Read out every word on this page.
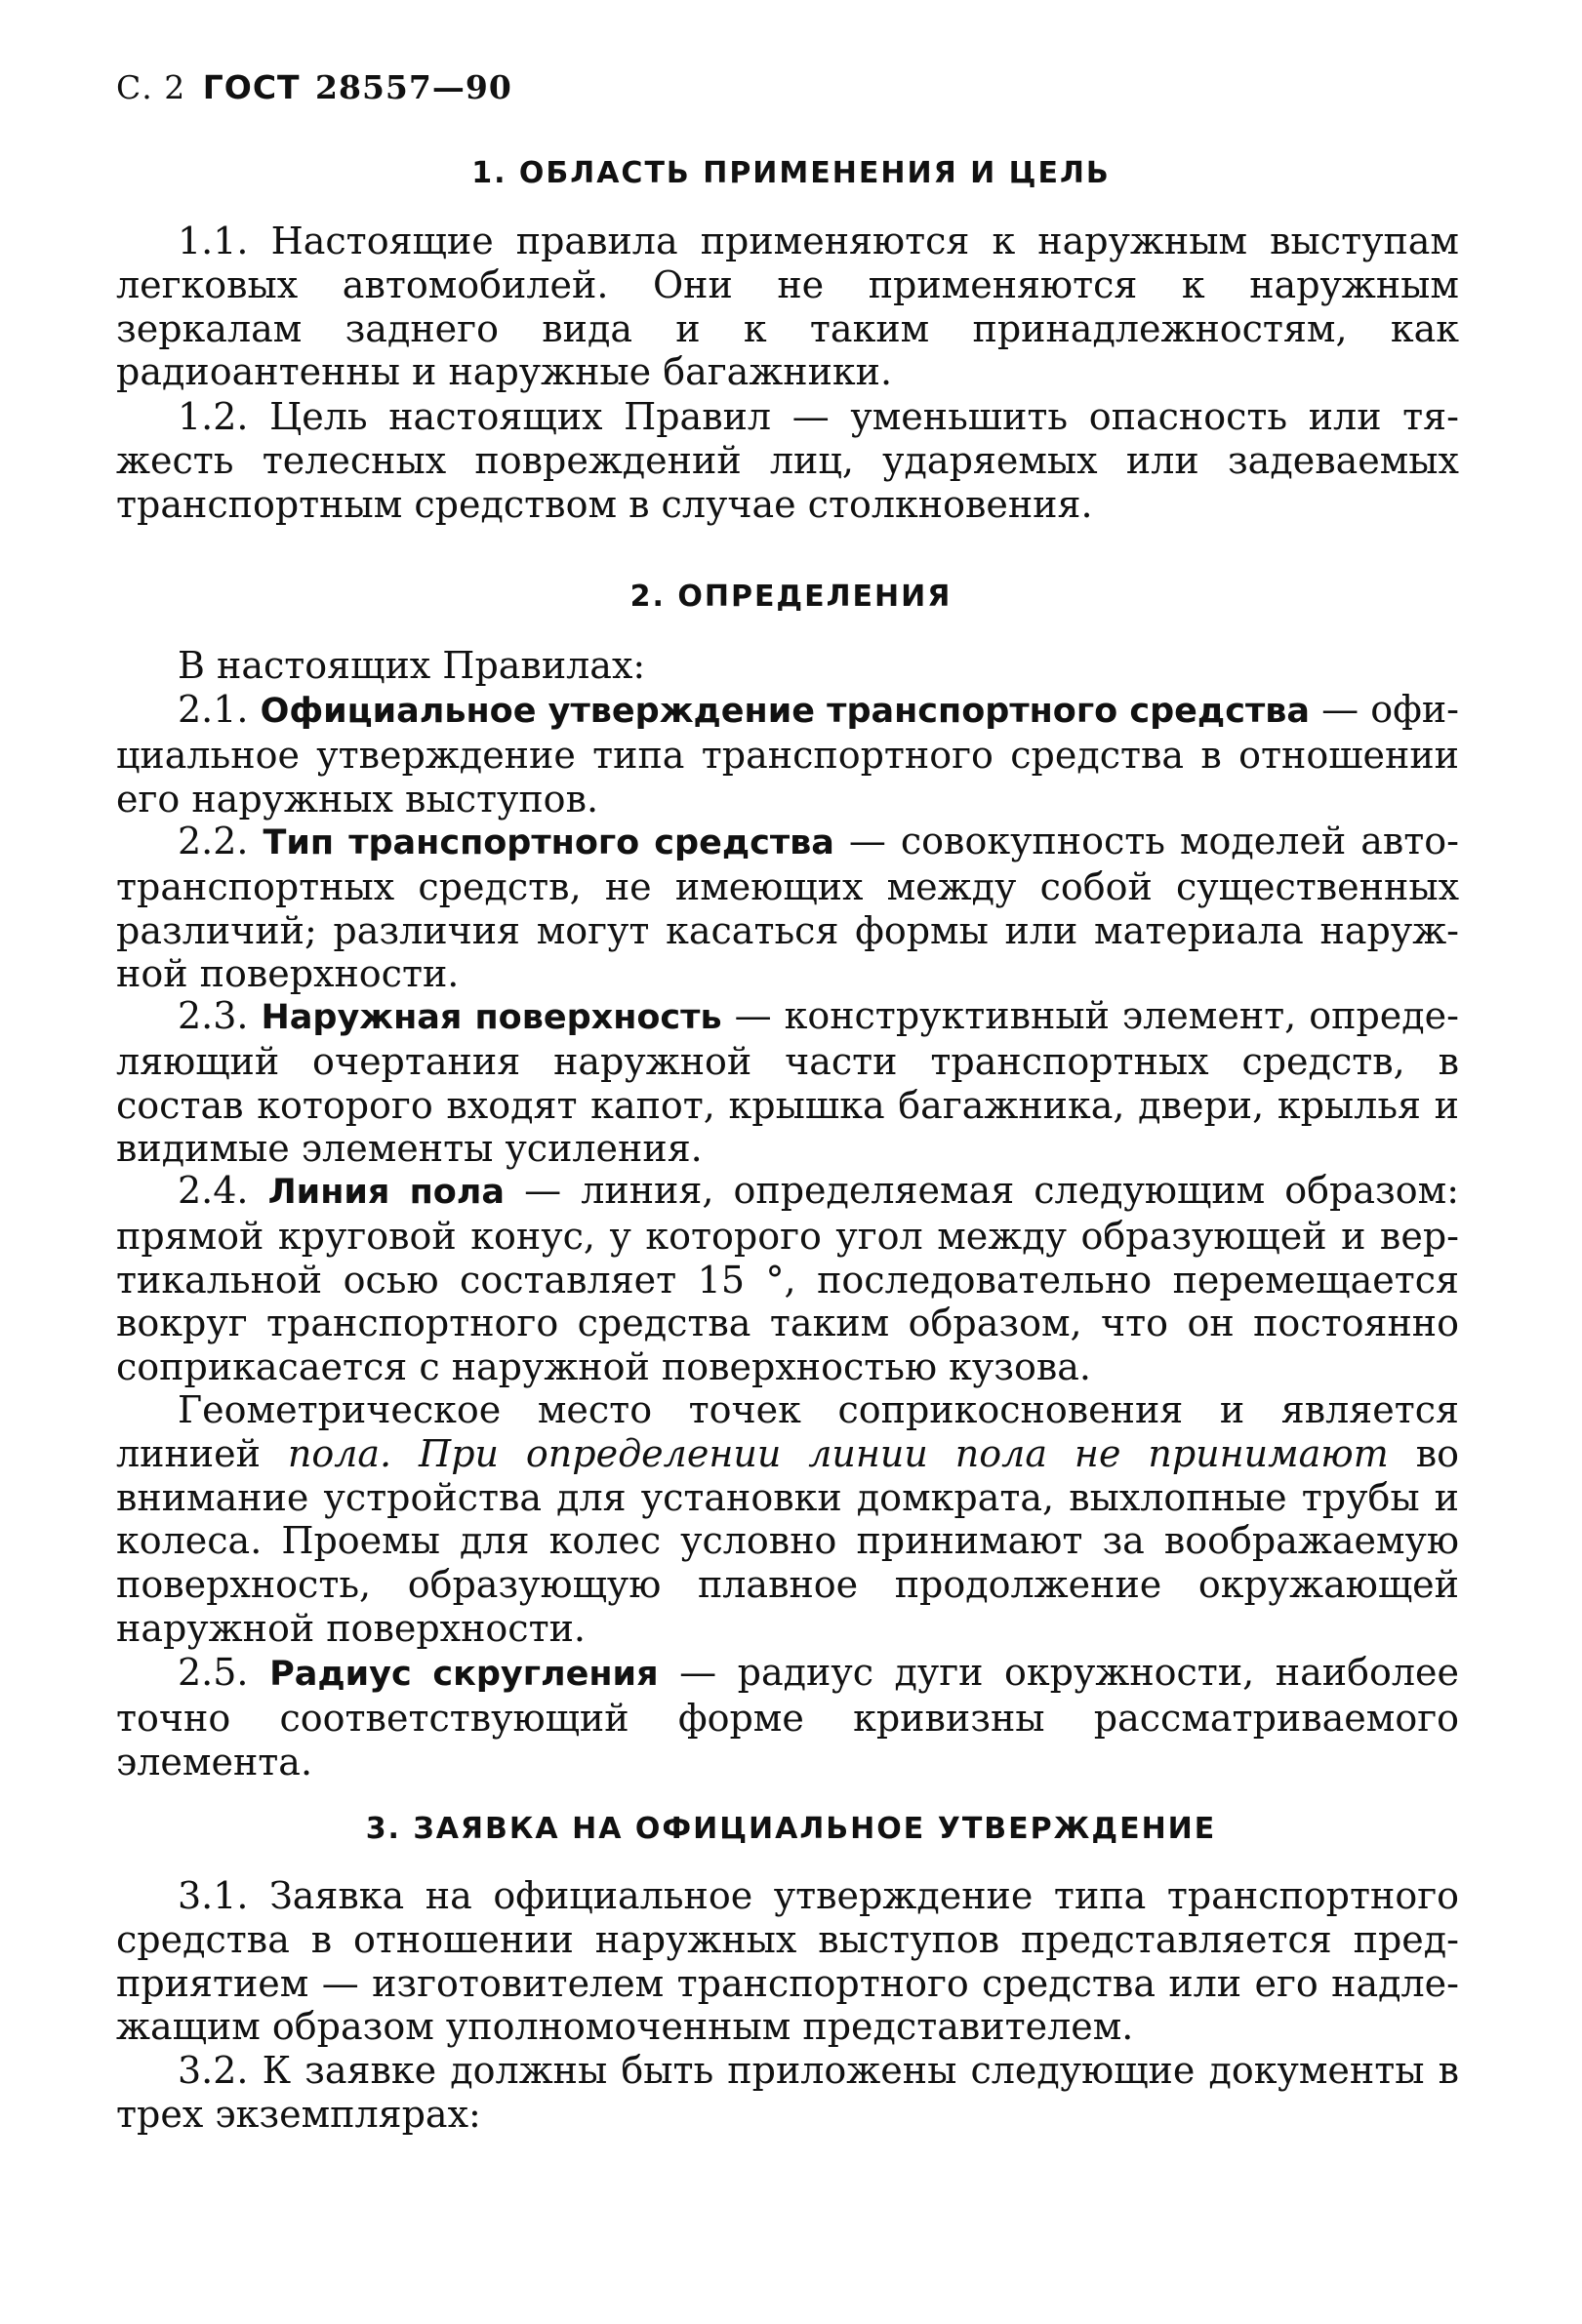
С. 2 ГОСТ 28557—90
1. ОБЛАСТЬ ПРИМЕНЕНИЯ И ЦЕЛЬ
1.1. Настоящие правила применяются к наружным выступам легковых автомобилей. Они не применяются к наружным зеркалам заднего вида и к таким принадлежностям, как радиоантенны и наружные багажники.
1.2. Цель настоящих Правил — уменьшить опасность или тяжесть телесных повреждений лиц, ударяемых или задеваемых транспортным средством в случае столкновения.
2. ОПРЕДЕЛЕНИЯ
В настоящих Правилах:
2.1. Официальное утверждение транспортного средства — официальное утверждение типа транспортного средства в отношении его наружных выступов.
2.2. Тип транспортного средства — совокупность моделей автотранспортных средств, не имеющих между собой существенных различий; различия могут касаться формы или материала наружной поверхности.
2.3. Наружная поверхность — конструктивный элемент, определяющий очертания наружной части транспортных средств, в состав которого входят капот, крышка багажника, двери, крылья и видимые элементы усиления.
2.4. Линия пола — линия, определяемая следующим образом: прямой круговой конус, у которого угол между образующей и вертикальной осью составляет 15 °, последовательно перемещается вокруг транспортного средства таким образом, что он постоянно соприкасается с наружной поверхностью кузова.
Геометрическое место точек соприкосновения и является линией пола. При определении линии пола не принимают во внимание устройства для установки домкрата, выхлопные трубы и колеса. Проемы для колес условно принимают за воображаемую поверхность, образующую плавное продолжение окружающей наружной поверхности.
2.5. Радиус скругления — радиус дуги окружности, наиболее точно соответствующий форме кривизны рассматриваемого элемента.
3. ЗАЯВКА НА ОФИЦИАЛЬНОЕ УТВЕРЖДЕНИЕ
3.1. Заявка на официальное утверждение типа транспортного средства в отношении наружных выступов представляется предприятием — изготовителем транспортного средства или его надлежащим образом уполномоченным представителем.
3.2. К заявке должны быть приложены следующие документы в трех экземплярах:
